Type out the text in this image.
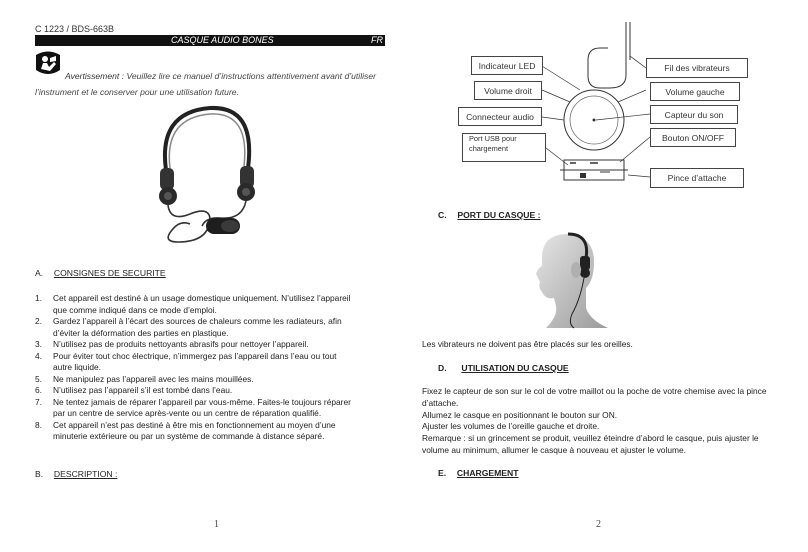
C 1223 / BDS-663B
CASQUE AUDIO BONES	FR
Avertissement : Veuillez lire ce manuel d’instructions attentivement avant d’utiliser l’instrument et le conserver pour une utilisation future.
A. CONSIGNES DE SECURITE
1. Cet appareil est destiné à un usage domestique uniquement. N’utilisez l’appareil
que comme indiqué dans ce mode d’emploi.
2. Gardez l’appareil à l’écart des sources de chaleurs comme les radiateurs, afin
d’éviter la déformation des parties en plastique.
3. N’utilisez pas de produits nettoyants abrasifs pour nettoyer l’appareil.
4. Pour éviter tout choc électrique, n’immergez pas l’appareil dans l’eau ou tout
autre liquide.
5. Ne manipulez pas l’appareil avec les mains mouillées.
6. N’utilisez pas l’appareil s’il est tombé dans l’eau.
7. Ne tentez jamais de réparer l’appareil par vous-même. Faites-le toujours réparer
par un centre de service après-vente ou un centre de réparation qualifié.
8. Cet appareil n’est pas destiné à être mis en fonctionnement au moyen d’une
minuterie extérieure ou par un système de commande à distance séparé.
B. DESCRIPTION :
1
Indicateur LED
Volume droit
Connecteur audio
Port USB pour
chargement
Fil des vibrateurs
Volume gauche
Capteur du son
Bouton ON/OFF
Pince d’attache
C. PORT DU CASQUE :
Les vibrateurs ne doivent pas être placés sur les oreilles.
D. UTILISATION DU CASQUE
Fixez le capteur de son sur le col de votre maillot ou la poche de votre chemise avec la pince
d’attache.
Allumez le casque en positionnant le bouton sur ON.
Ajuster les volumes de l’oreille gauche et droite.
Remarque : si un grincement se produit, veuillez éteindre d’abord le casque, puis ajuster le
volume au minimum, allumer le casque à nouveau et ajuster le volume.
E. CHARGEMENT
2
